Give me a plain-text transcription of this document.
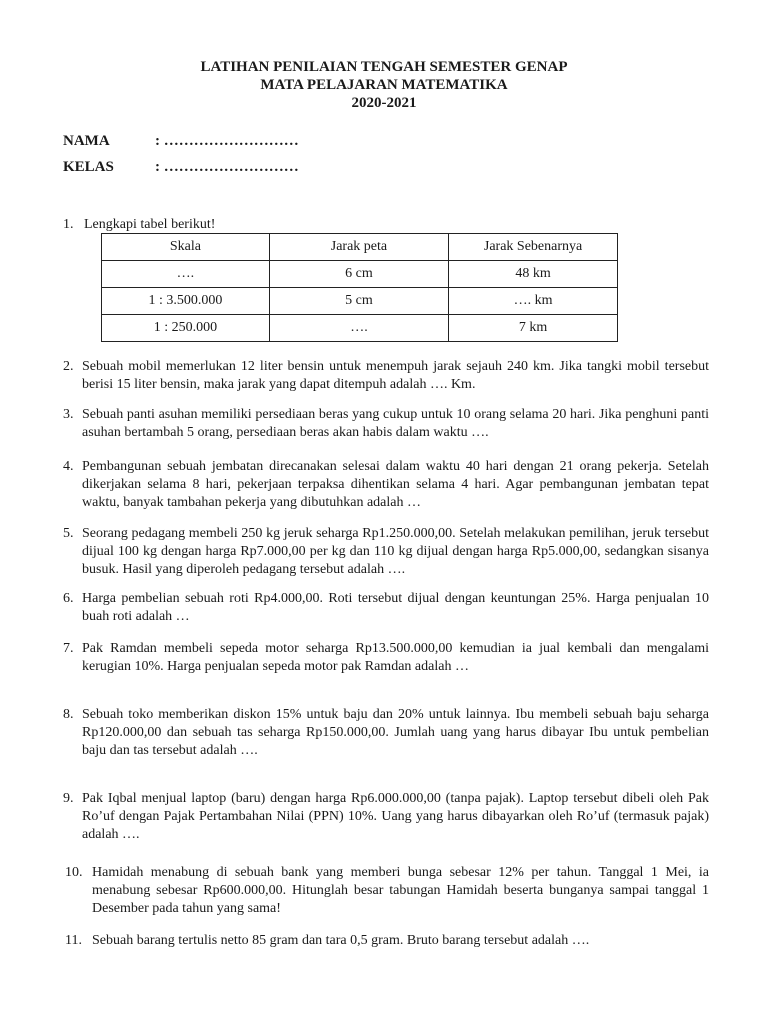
LATIHAN PENILAIAN TENGAH SEMESTER GENAP
MATA PELAJARAN MATEMATIKA
2020-2021
NAMA	: ………………………
KELAS	: ………………………
1. Lengkapi tabel berikut!
Skala	Jarak peta	Jarak Sebenarnya
….	6 cm	48 km
1 : 3.500.000	5 cm	…. km
1 : 250.000	….	7 km
2. Sebuah mobil memerlukan 12 liter bensin untuk menempuh jarak sejauh 240 km. Jika tangki mobil tersebut berisi 15 liter bensin, maka jarak yang dapat ditempuh adalah …. Km.
3. Sebuah panti asuhan memiliki persediaan beras yang cukup untuk 10 orang selama 20 hari. Jika penghuni panti asuhan bertambah 5 orang, persediaan beras akan habis dalam waktu ….
4. Pembangunan sebuah jembatan direcanakan selesai dalam waktu 40 hari dengan 21 orang pekerja. Setelah dikerjakan selama 8 hari, pekerjaan terpaksa dihentikan selama 4 hari. Agar pembangunan jembatan tepat waktu, banyak tambahan pekerja yang dibutuhkan adalah …
5. Seorang pedagang membeli 250 kg jeruk seharga Rp1.250.000,00. Setelah melakukan pemilihan, jeruk tersebut dijual 100 kg dengan harga Rp7.000,00 per kg dan 110 kg dijual dengan harga Rp5.000,00, sedangkan sisanya busuk. Hasil yang diperoleh pedagang tersebut adalah ….
6. Harga pembelian sebuah roti Rp4.000,00. Roti tersebut dijual dengan keuntungan 25%. Harga penjualan 10 buah roti adalah …
7. Pak Ramdan membeli sepeda motor seharga Rp13.500.000,00 kemudian ia jual kembali dan mengalami kerugian 10%. Harga penjualan sepeda motor pak Ramdan adalah …
8. Sebuah toko memberikan diskon 15% untuk baju dan 20% untuk lainnya. Ibu membeli sebuah baju seharga Rp120.000,00 dan sebuah tas seharga Rp150.000,00. Jumlah uang yang harus dibayar Ibu untuk pembelian baju dan tas tersebut adalah ….
9. Pak Iqbal menjual laptop (baru) dengan harga Rp6.000.000,00 (tanpa pajak). Laptop tersebut dibeli oleh Pak Ro’uf dengan Pajak Pertambahan Nilai (PPN) 10%. Uang yang harus dibayarkan oleh Ro’uf (termasuk pajak) adalah ….
10. Hamidah menabung di sebuah bank yang memberi bunga sebesar 12% per tahun. Tanggal 1 Mei, ia menabung sebesar Rp600.000,00. Hitunglah besar tabungan Hamidah beserta bunganya sampai tanggal 1 Desember pada tahun yang sama!
11. Sebuah barang tertulis netto 85 gram dan tara 0,5 gram. Bruto barang tersebut adalah ….
